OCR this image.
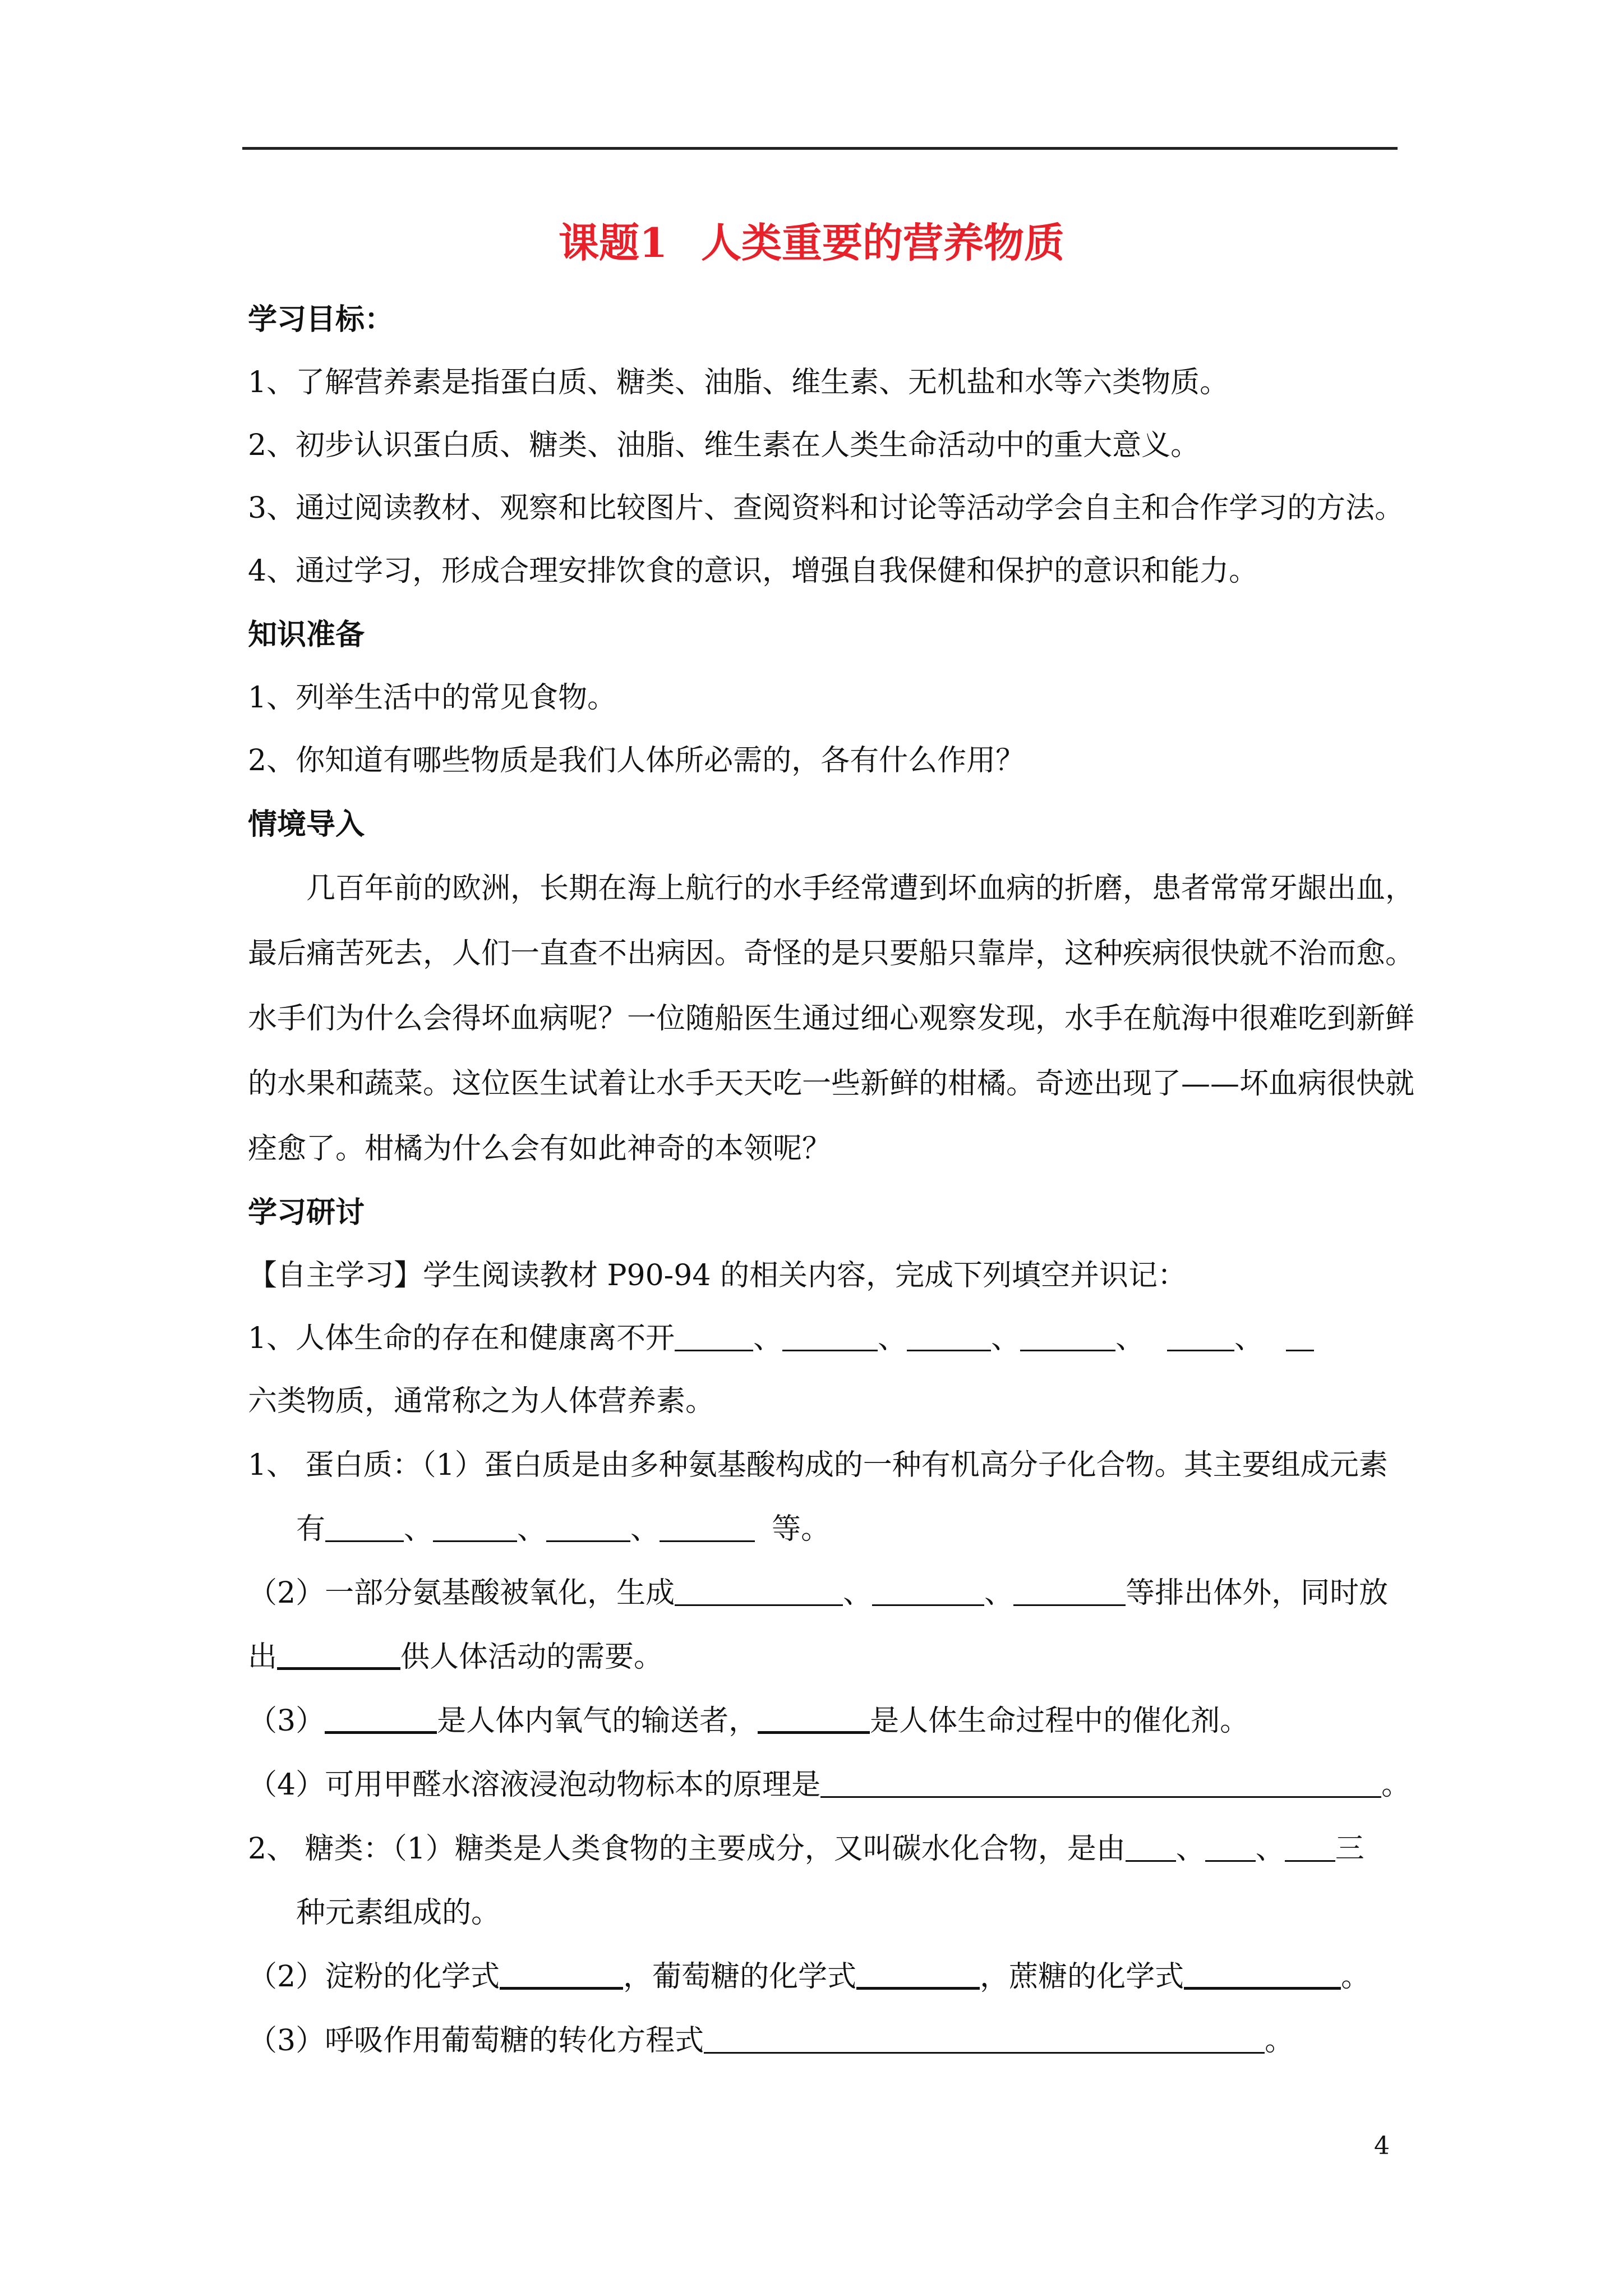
课题1 人类重要的营养物质
学习目标：
1、了解营养素是指蛋白质、糖类、油脂、维生素、无机盐和水等六类物质。
2、初步认识蛋白质、糖类、油脂、维生素在人类生命活动中的重大意义。
3、通过阅读教材、观察和比较图片、查阅资料和讨论等活动学会自主和合作学习的方法。
4、通过学习，形成合理安排饮食的意识，增强自我保健和保护的意识和能力。
知识准备
1、列举生活中的常见食物。
2、你知道有哪些物质是我们人体所必需的，各有什么作用？
情境导入
几百年前的欧洲，长期在海上航行的水手经常遭到坏血病的折磨，患者常常牙龈出血，
最后痛苦死去，人们一直查不出病因。奇怪的是只要船只靠岸，这种疾病很快就不治而愈。
水手们为什么会得坏血病呢？一位随船医生通过细心观察发现，水手在航海中很难吃到新鲜
的水果和蔬菜。这位医生试着让水手天天吃一些新鲜的柑橘。奇迹出现了——坏血病很快就
痊愈了。柑橘为什么会有如此神奇的本领呢？
学习研讨
【自主学习】学生阅读教材 P90-94 的相关内容，完成下列填空并识记：
1、人体生命的存在和健康离不开	、	、	、	、	、
六类物质，通常称之为人体营养素。
1、 蛋白质：（1）蛋白质是由多种氨基酸构成的一种有机高分子化合物。其主要组成元素
有	、	、	、	等。
（2）一部分氨基酸被氧化，生成	、	、	等排出体外，同时放
出	供人体活动的需要。
（3）	是人体内氧气的输送者，	是人体生命过程中的催化剂。
（4）可用甲醛水溶液浸泡动物标本的原理是	。
2、 糖类：（1）糖类是人类食物的主要成分，又叫碳水化合物，是由 、 、 三
种元素组成的。
（2）淀粉的化学式	，葡萄糖的化学式	，蔗糖的化学式	。
（3）呼吸作用葡萄糖的转化方程式	。
4
